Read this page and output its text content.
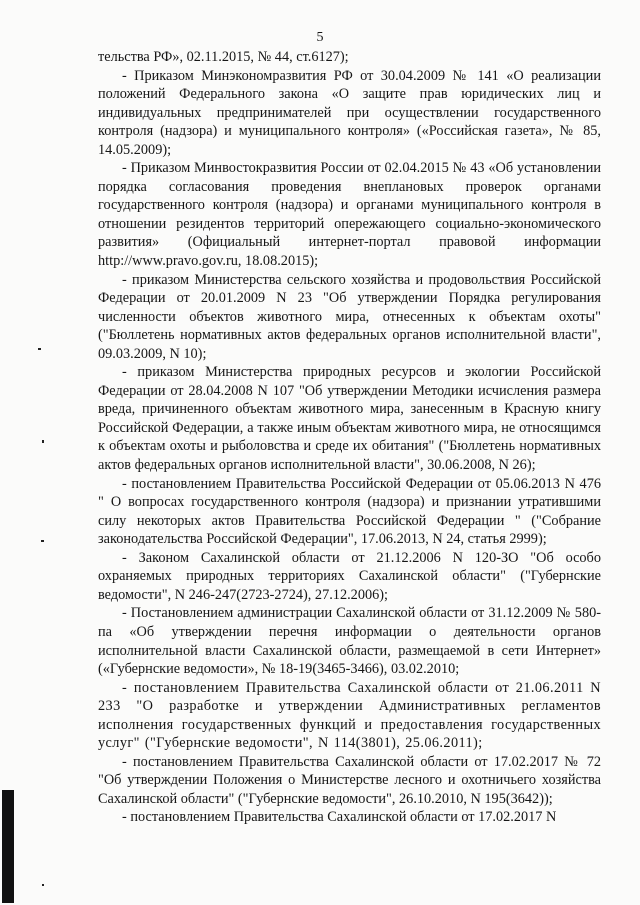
5

тельства РФ», 02.11.2015, № 44, ст.6127);

- Приказом Минэкономразвития РФ от 30.04.2009 № 141 «О реализации положений Федерального закона «О защите прав юридических лиц и индивидуальных предпринимателей при осуществлении государственного контроля (надзора) и муниципального контроля» («Российская газета», № 85, 14.05.2009);

- Приказом Минвостокразвития России от 02.04.2015 № 43 «Об установлении порядка согласования проведения внеплановых проверок органами государственного контроля (надзора) и органами муниципального контроля в отношении резидентов территорий опережающего социально-экономического развития» (Официальный интернет-портал правовой информации http://www.pravo.gov.ru, 18.08.2015);

- приказом Министерства сельского хозяйства и продовольствия Российской Федерации от 20.01.2009 N 23 "Об утверждении Порядка регулирования численности объектов животного мира, отнесенных к объектам охоты" ("Бюллетень нормативных актов федеральных органов исполнительной власти", 09.03.2009, N 10);

- приказом Министерства природных ресурсов и экологии Российской Федерации от 28.04.2008 N 107 "Об утверждении Методики исчисления размера вреда, причиненного объектам животного мира, занесенным в Красную книгу Российской Федерации, а также иным объектам животного мира, не относящимся к объектам охоты и рыболовства и среде их обитания" ("Бюллетень нормативных актов федеральных органов исполнительной власти", 30.06.2008, N 26);

- постановлением Правительства Российской Федерации от 05.06.2013 N 476 " О вопросах государственного контроля (надзора) и признании утратившими силу некоторых актов Правительства Российской Федерации " ("Собрание законодательства Российской Федерации", 17.06.2013, N 24, статья 2999);

- Законом Сахалинской области от 21.12.2006 N 120-ЗО "Об особо охраняемых природных территориях Сахалинской области" ("Губернские ведомости", N 246-247(2723-2724), 27.12.2006);

- Постановлением администрации Сахалинской области от 31.12.2009 № 580-па «Об утверждении перечня информации о деятельности органов исполнительной власти Сахалинской области, размещаемой в сети Интернет» («Губернские ведомости», № 18-19(3465-3466), 03.02.2010;

- постановлением Правительства Сахалинской области от 21.06.2011 N 233 "О разработке и утверждении Административных регламентов исполнения государственных функций и предоставления государственных услуг" ("Губернские ведомости", N 114(3801), 25.06.2011);

- постановлением Правительства Сахалинской области от 17.02.2017 № 72 "Об утверждении Положения о Министерстве лесного и охотничьего хозяйства Сахалинской области" ("Губернские ведомости", 26.10.2010, N 195(3642));

- постановлением Правительства Сахалинской области от 17.02.2017 N
